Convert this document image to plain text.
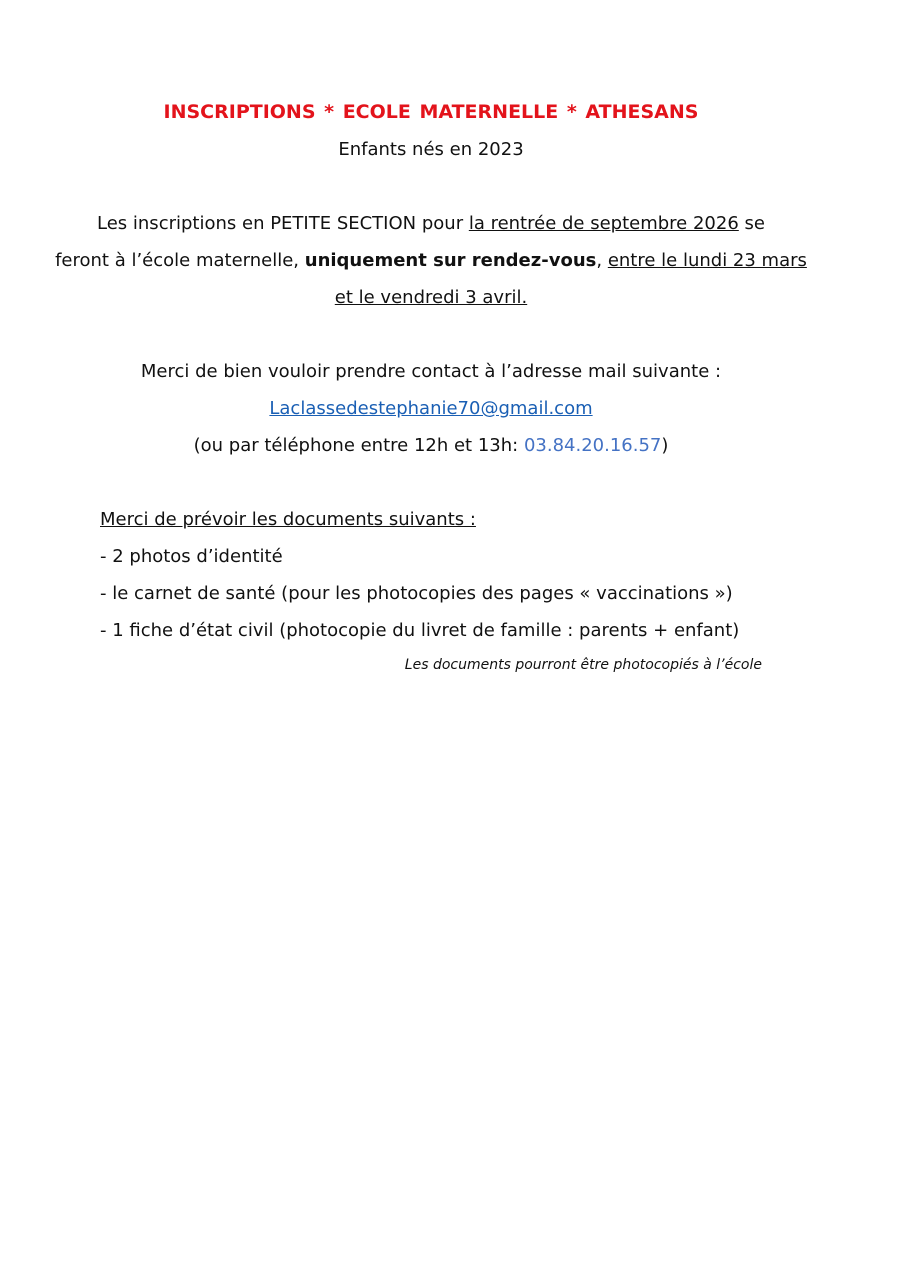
INSCRIPTIONS * ECOLE MATERNELLE * ATHESANS
Enfants nés en 2023
Les inscriptions en PETITE SECTION pour la rentrée de septembre 2026 se
feront à l’école maternelle, uniquement sur rendez-vous, entre le lundi 23 mars
et le vendredi 3 avril.
Merci de bien vouloir prendre contact à l’adresse mail suivante :
Laclassedestephanie70@gmail.com
(ou par téléphone entre 12h et 13h: 03.84.20.16.57)
Merci de prévoir les documents suivants :
- 2 photos d’identité
- le carnet de santé (pour les photocopies des pages « vaccinations »)
- 1 fiche d’état civil (photocopie du livret de famille : parents + enfant)
Les documents pourront être photocopiés à l’école
